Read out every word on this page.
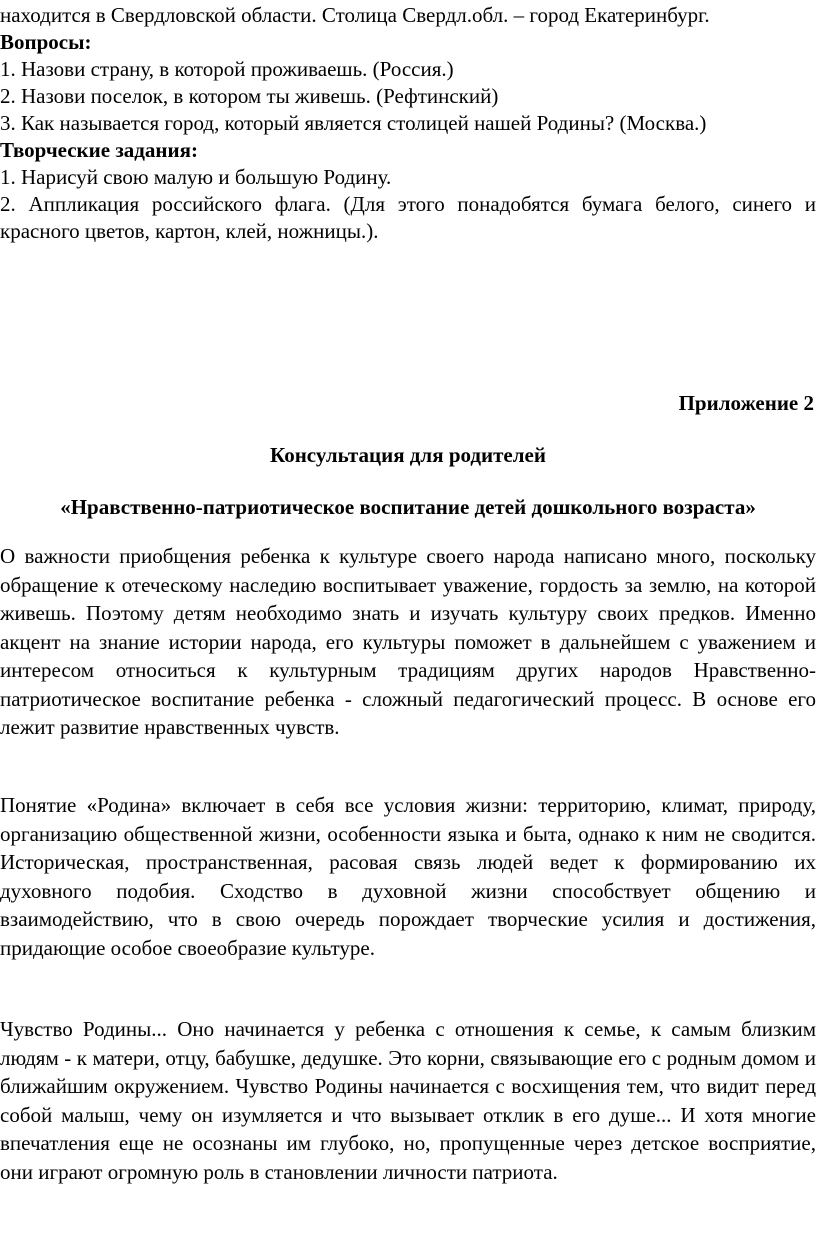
находится в Свердловской области. Столица Свердл.обл. – город Екатеринбург.

Вопросы:

1. Назови страну, в которой проживаешь. (Россия.)

2. Назови поселок, в котором ты живешь. (Рефтинский)

3. Как называется город, который является столицей нашей Родины? (Москва.)

Творческие задания:

1. Нарисуй свою малую и большую Родину.

2. Аппликация российского флага. (Для этого понадобятся бумага белого, синего и красного цветов, картон, клей, ножницы.).

Приложение 2
Консультация для родителей
«Нравственно-патриотическое воспитание детей дошкольного возраста»

О важности приобщения ребенка к культуре своего народа написано много, поскольку обращение к отеческому наследию воспитывает уважение, гордость за землю, на которой живешь. Поэтому детям необходимо знать и изучать культуру своих предков. Именно акцент на знание истории народа, его культуры поможет в дальнейшем с уважением и интересом относиться к культурным традициям других народов Нравственно-патриотическое воспитание ребенка - сложный педагогический процесс. В основе его лежит развитие нравственных чувств.

Понятие «Родина» включает в себя все условия жизни: территорию, климат, природу, организацию общественной жизни, особенности языка и быта, однако к ним не сводится. Историческая, пространственная, расовая связь людей ведет к формированию их духовного подобия. Сходство в духовной жизни способствует общению и взаимодействию, что в свою очередь порождает творческие усилия и достижения, придающие особое своеобразие культуре.

Чувство Родины... Оно начинается у ребенка с отношения к семье, к самым близким людям - к матери, отцу, бабушке, дедушке. Это корни, связывающие его с родным домом и ближайшим окружением. Чувство Родины начинается с восхищения тем, что видит перед собой малыш, чему он изумляется и что вызывает отклик в его душе... И хотя многие впечатления еще не осознаны им глубоко, но, пропущенные через детское восприятие, они играют огромную роль в становлении личности патриота.
